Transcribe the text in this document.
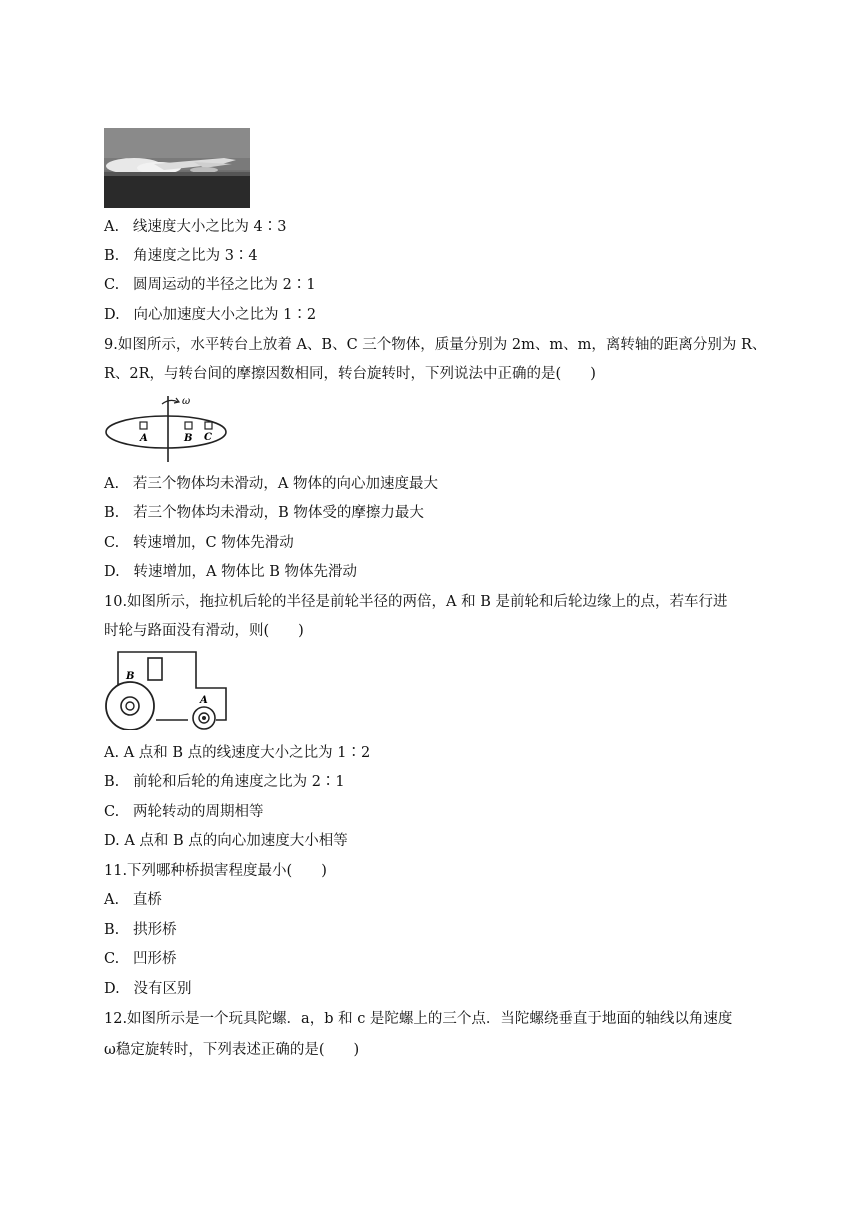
A. 线速度大小之比为 4∶3
B. 角速度之比为 3∶4
C. 圆周运动的半径之比为 2∶1
D. 向心加速度大小之比为 1∶2
9.如图所示，水平转台上放着 A、B、C 三个物体，质量分别为 2m、m、m，离转轴的距离分别为 R、
R、2R，与转台间的摩擦因数相同，转台旋转时，下列说法中正确的是(　　)
ω
A	B C
A. 若三个物体均未滑动，A 物体的向心加速度最大
B. 若三个物体均未滑动，B 物体受的摩擦力最大
C. 转速增加，C 物体先滑动
D. 转速增加，A 物体比 B 物体先滑动
10.如图所示，拖拉机后轮的半径是前轮半径的两倍，A 和 B 是前轮和后轮边缘上的点，若车行进
时轮与路面没有滑动，则(　　)
B
A
A. A 点和 B 点的线速度大小之比为 1∶2
B. 前轮和后轮的角速度之比为 2∶1
C. 两轮转动的周期相等
D. A 点和 B 点的向心加速度大小相等
11.下列哪种桥损害程度最小(　　)
A. 直桥
B. 拱形桥
C. 凹形桥
D. 没有区别
12.如图所示是一个玩具陀螺．a，b 和 c 是陀螺上的三个点．当陀螺绕垂直于地面的轴线以角速度
ω稳定旋转时，下列表述正确的是(　　)
